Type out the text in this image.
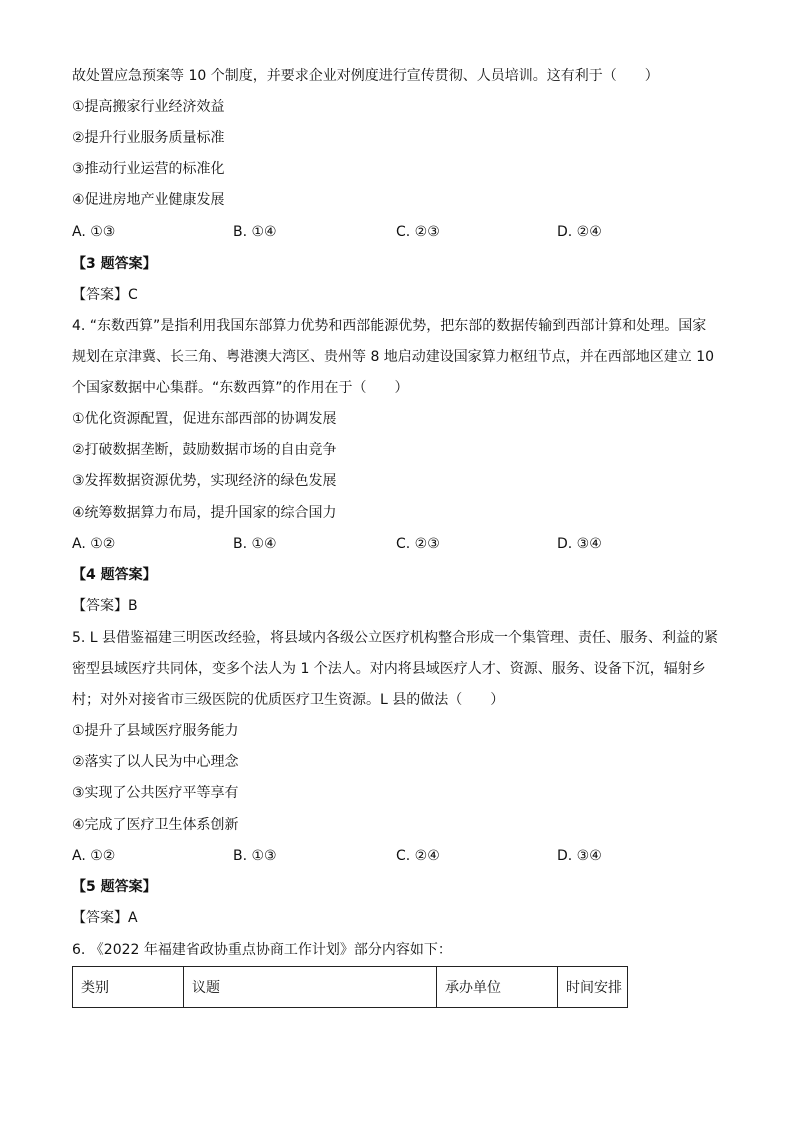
故处置应急预案等 10 个制度，并要求企业对例度进行宣传贯彻、人员培训。这有利于（　　）
①提高搬家行业经济效益
②提升行业服务质量标准
③推动行业运营的标准化
④促进房地产业健康发展
A. ①③	B. ①④	C. ②③	D. ②④
【3 题答案】
【答案】C
4. “东数西算”是指利用我国东部算力优势和西部能源优势，把东部的数据传输到西部计算和处理。国家
规划在京津冀、长三角、粤港澳大湾区、贵州等 8 地启动建设国家算力枢纽节点，并在西部地区建立 10
个国家数据中心集群。“东数西算”的作用在于（　　）
①优化资源配置，促进东部西部的协调发展
②打破数据垄断，鼓励数据市场的自由竞争
③发挥数据资源优势，实现经济的绿色发展
④统筹数据算力布局，提升国家的综合国力
A. ①②	B. ①④	C. ②③	D. ③④
【4 题答案】
【答案】B
5. L 县借鉴福建三明医改经验，将县域内各级公立医疗机构整合形成一个集管理、责任、服务、利益的紧
密型县域医疗共同体，变多个法人为 1 个法人。对内将县域医疗人才、资源、服务、设备下沉，辐射乡
村；对外对接省市三级医院的优质医疗卫生资源。L 县的做法（　　）
①提升了县域医疗服务能力
②落实了以人民为中心理念
③实现了公共医疗平等享有
④完成了医疗卫生体系创新
A. ①②	B. ①③	C. ②④	D. ③④
【5 题答案】
【答案】A
6. 《2022 年福建省政协重点协商工作计划》部分内容如下：
类别	议题	承办单位	时间安排
